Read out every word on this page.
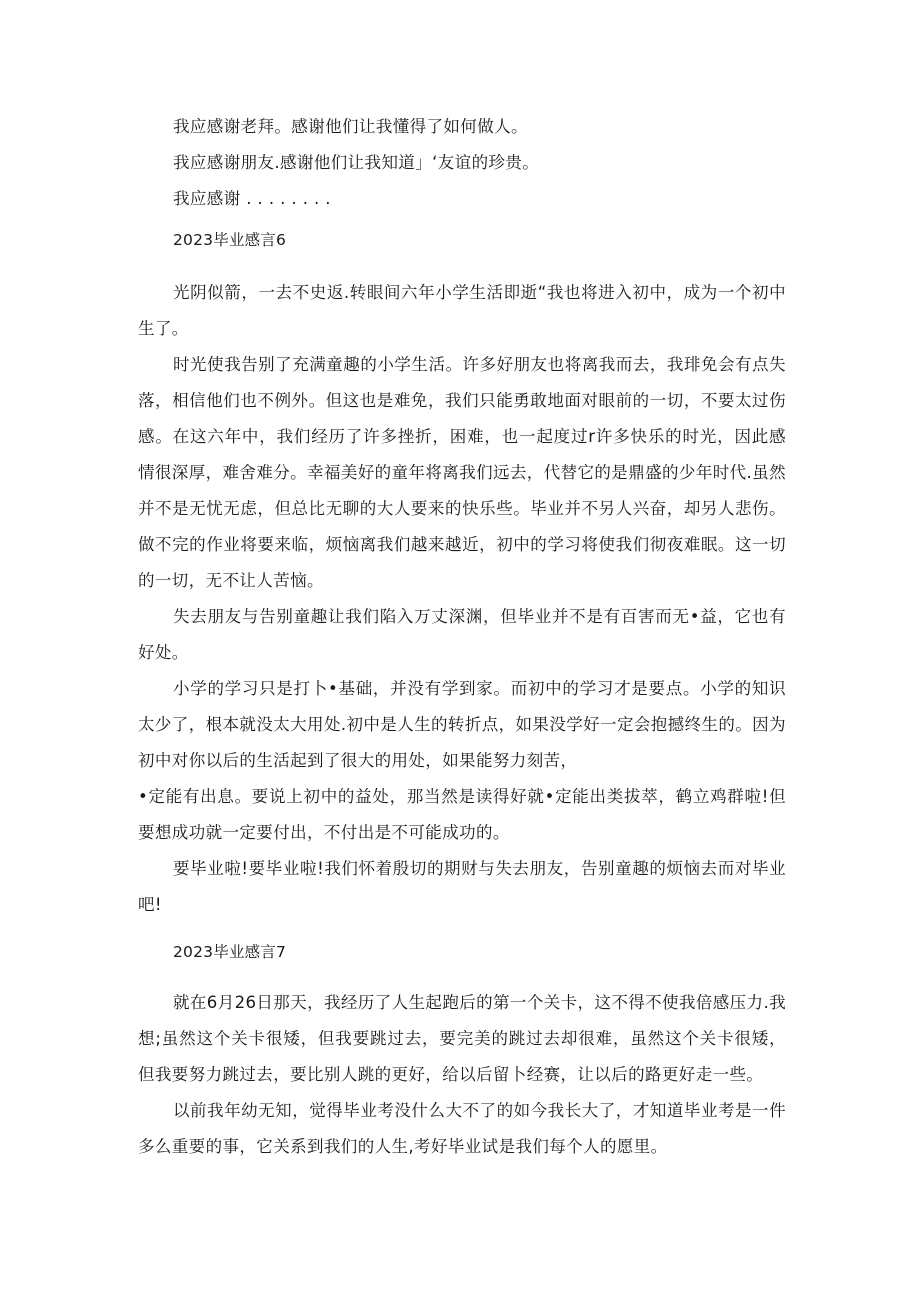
我应感谢老拜。感谢他们让我懂得了如何做人。
我应感谢朋友.感谢他们让我知道」‘友谊的珍贵。
我应感谢 . . . . . . . .
2023毕业感言6
光阴似箭，一去不史返.转眼间六年小学生活即逝“我也将进入初中，成为一个初中生了。
时光使我告别了充满童趣的小学生活。许多好朋友也将离我而去，我琲免会有点失落，相信他们也不例外。但这也是难免，我们只能勇敢地面对眼前的一切，不要太过伤感。在这六年中，我们经历了许多挫折，困难，也一起度过r许多快乐的时光，因此感情很深厚，难舍难分。幸福美好的童年将离我们远去，代替它的是鼎盛的少年时代.虽然并不是无忧无虑，但总比无聊的大人要来的快乐些。毕业并不另人兴奋，却另人悲伤。做不完的作业将要来临，烦恼离我们越来越近，初中的学习将使我们彻夜难眠。这一切的一切，无不让人苦恼。
失去朋友与告别童趣让我们陷入万丈深渊，但毕业并不是有百害而无•益，它也有好处。
小学的学习只是打卜•基础，并没有学到家。而初中的学习才是要点。小学的知识太少了，根本就没太大用处.初中是人生的转折点，如果没学好一定会抱撼终生的。因为初中对你以后的生活起到了很大的用处，如果能努力刻苦，
•定能有出息。要说上初中的益处，那当然是读得好就•定能出类拔萃，鹤立鸡群啦!但要想成功就一定要付出，不付出是不可能成功的。
要毕业啦!要毕业啦!我们怀着殷切的期财与失去朋友，告别童趣的烦恼去而对毕业吧!
2023毕业感言7
就在6月26日那天，我经历了人生起跑后的第一个关卡，这不得不使我倍感压力.我想;虽然这个关卡很矮，但我要跳过去，要完美的跳过去却很难，虽然这个关卡很矮，但我要努力跳过去，要比别人跳的更好，给以后留卜经赛，让以后的路更好走一些。
以前我年幼无知，觉得毕业考没什么大不了的如今我长大了，才知道毕业考是一件多么重要的事，它关系到我们的人生,考好毕业试是我们每个人的愿里。
